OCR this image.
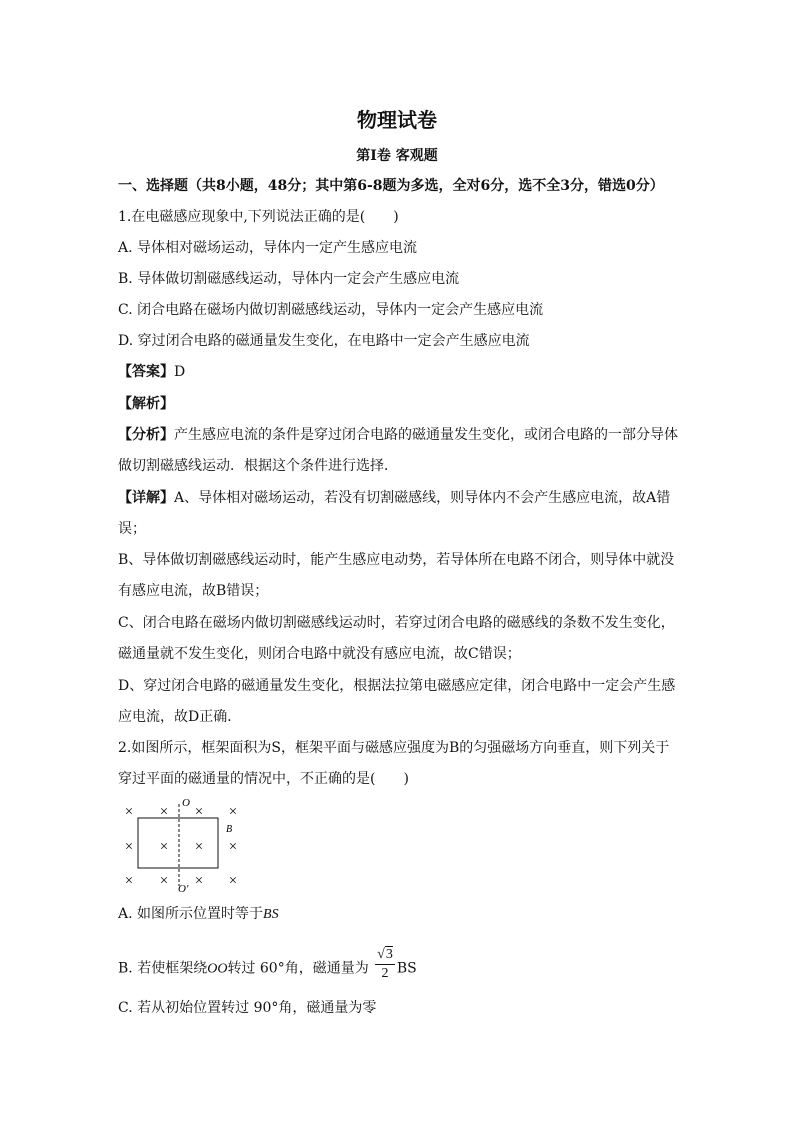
物理试卷
第I卷 客观题
一、选择题（共8小题，48分；其中第6-8题为多选，全对6分，选不全3分，错选0分）
1.在电磁感应现象中,下列说法正确的是(　　)
A. 导体相对磁场运动，导体内一定产生感应电流
B. 导体做切割磁感线运动，导体内一定会产生感应电流
C. 闭合电路在磁场内做切割磁感线运动，导体内一定会产生感应电流
D. 穿过闭合电路的磁通量发生变化，在电路中一定会产生感应电流
【答案】D
【解析】
【分析】产生感应电流的条件是穿过闭合电路的磁通量发生变化，或闭合电路的一部分导体
做切割磁感线运动．根据这个条件进行选择．
【详解】A、导体相对磁场运动，若没有切割磁感线，则导体内不会产生感应电流，故A错
误；
B、导体做切割磁感线运动时，能产生感应电动势，若导体所在电路不闭合，则导体中就没
有感应电流，故B错误；
C、闭合电路在磁场内做切割磁感线运动时，若穿过闭合电路的磁感线的条数不发生变化，
磁通量就不发生变化，则闭合电路中就没有感应电流，故C错误；
D、穿过闭合电路的磁通量发生变化，根据法拉第电磁感应定律，闭合电路中一定会产生感
应电流，故D正确．
2.如图所示，框架面积为S，框架平面与磁感应强度为B的匀强磁场方向垂直，则下列关于
穿过平面的磁通量的情况中，不正确的是(　　)
O
O′
B
× × × ×
× × × ×
× × × ×
A. 如图所示位置时等于BS
B. 若使框架绕OO转过 60°角，磁通量为 $\frac{√3}{2}$ BS
C. 若从初始位置转过 90°角，磁通量为零
